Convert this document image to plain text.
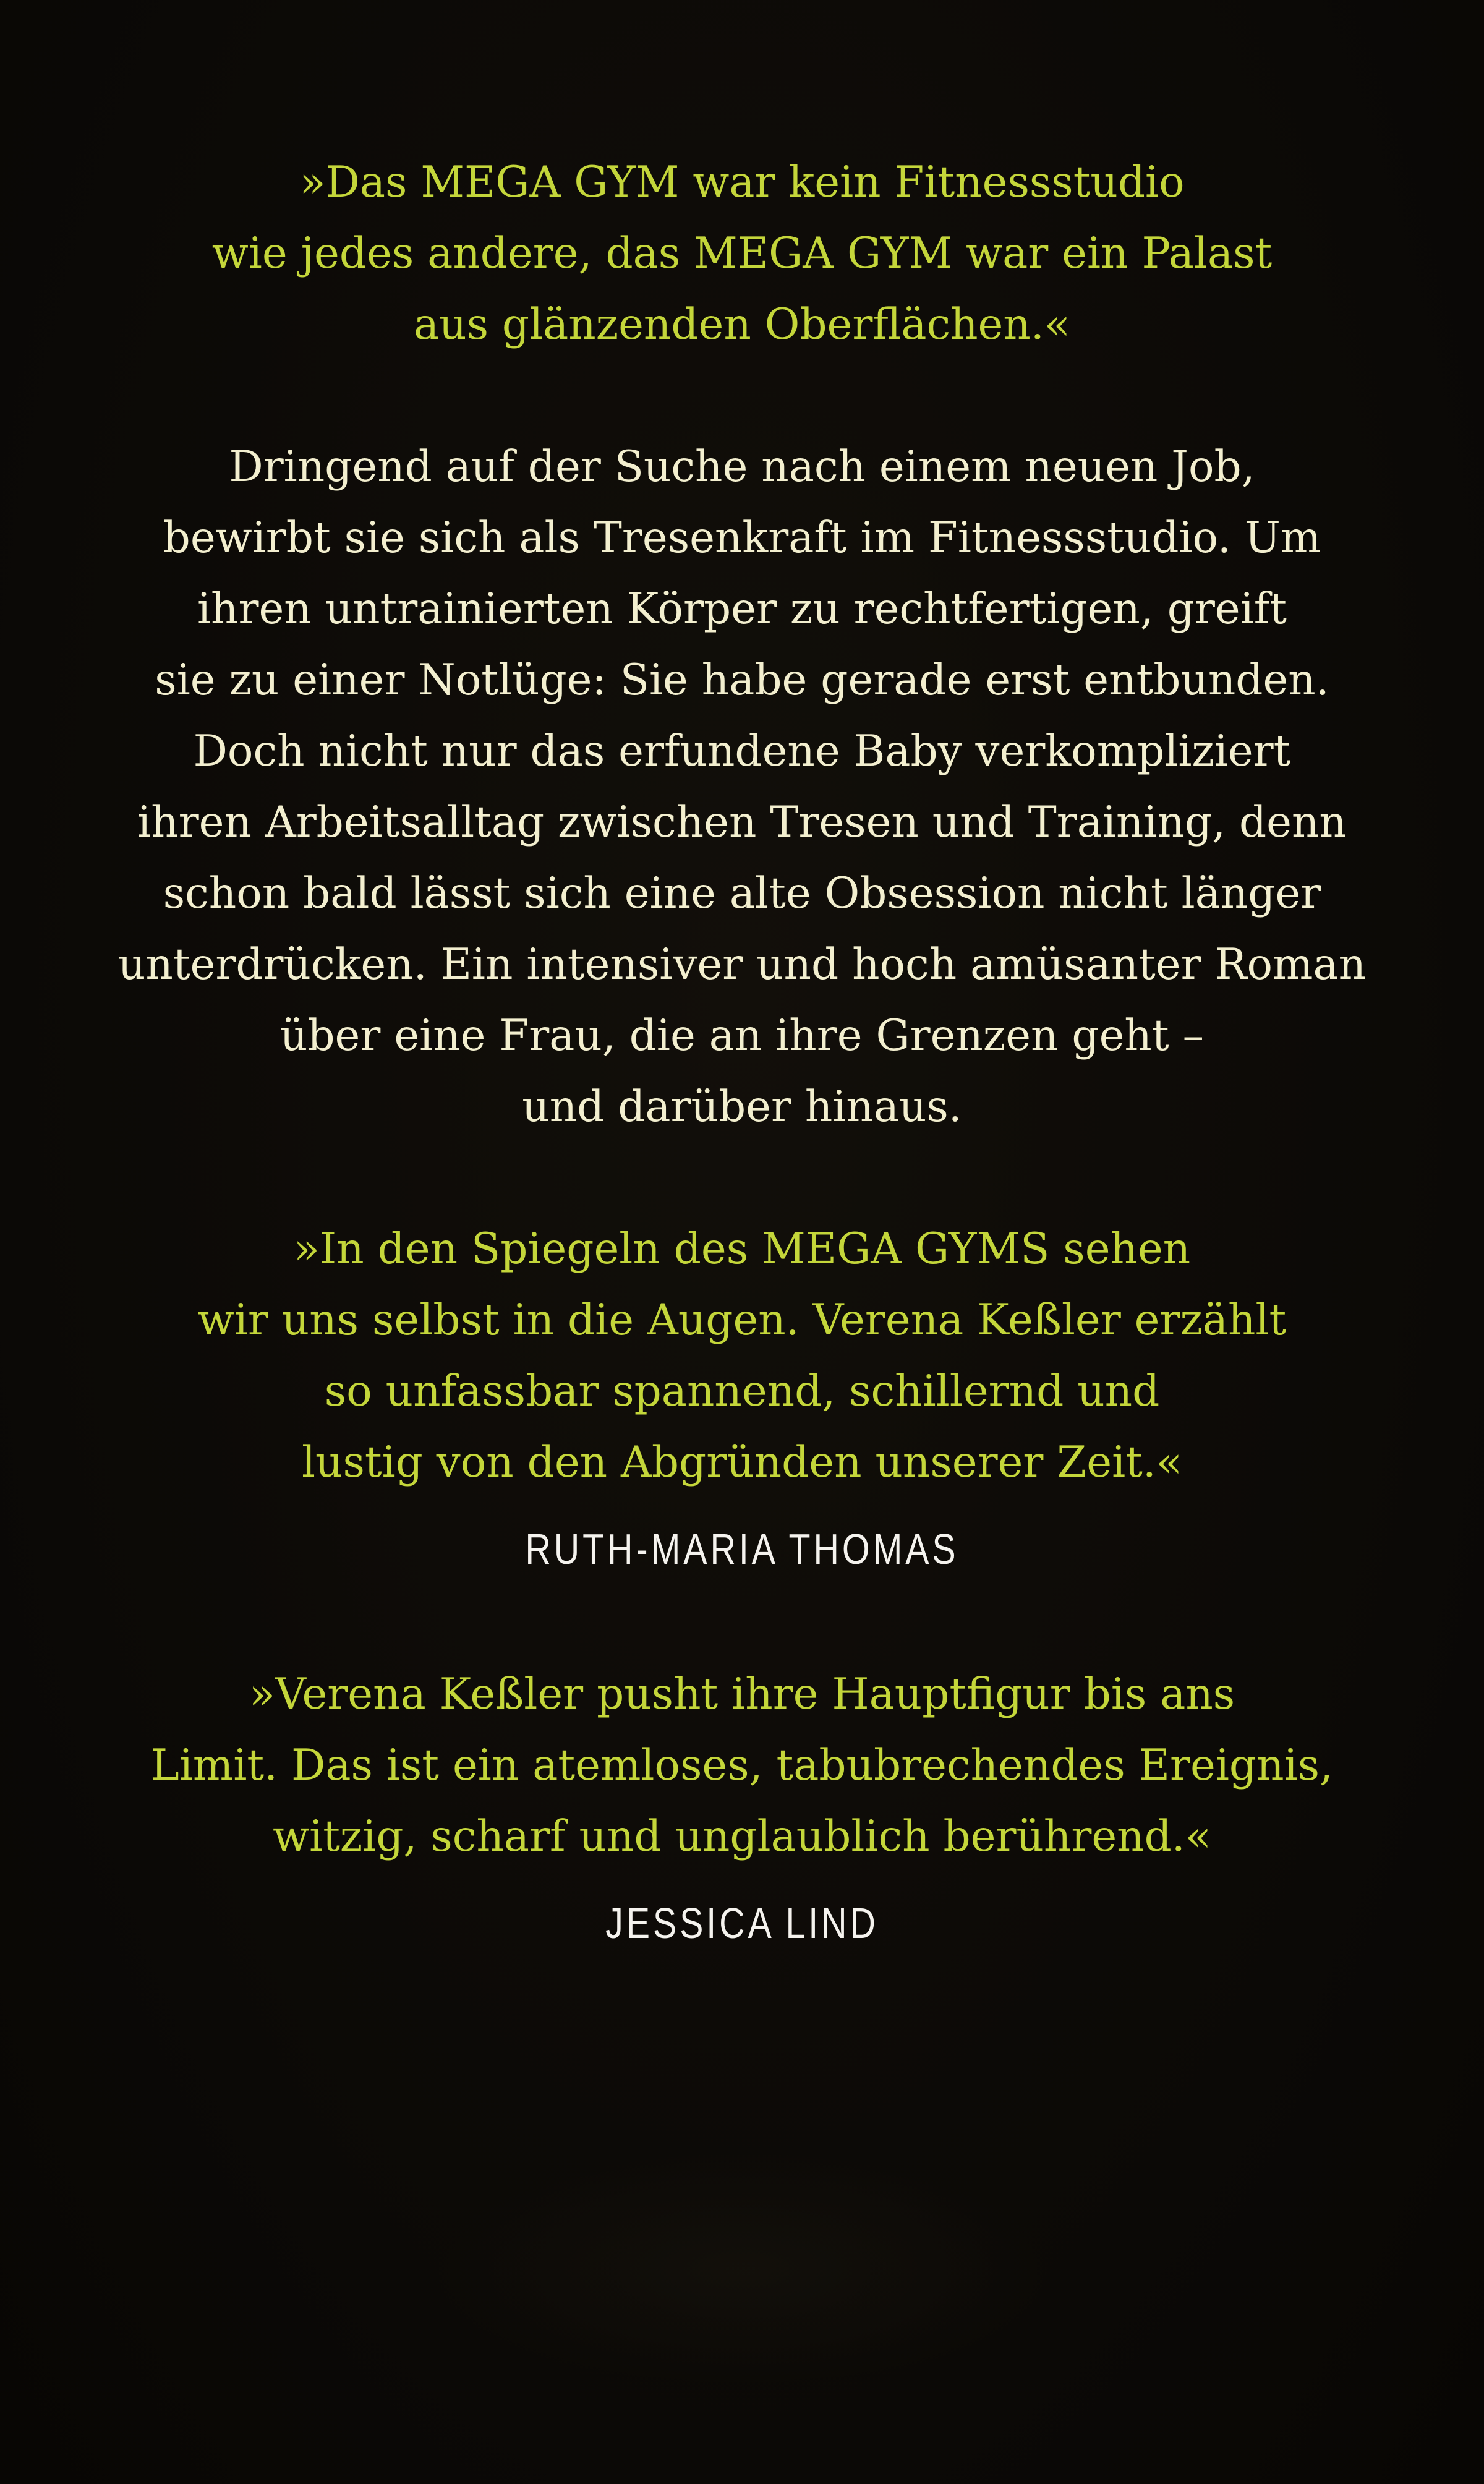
»Das MEGA GYM war kein Fitnessstudio
wie jedes andere, das MEGA GYM war ein Palast
aus glänzenden Oberflächen.«
Dringend auf der Suche nach einem neuen Job,
bewirbt sie sich als Tresenkraft im Fitnessstudio. Um
ihren untrainierten Körper zu rechtfertigen, greift
sie zu einer Notlüge: Sie habe gerade erst entbunden.
Doch nicht nur das erfundene Baby verkompliziert
ihren Arbeitsalltag zwischen Tresen und Training, denn
schon bald lässt sich eine alte Obsession nicht länger
unterdrücken. Ein intensiver und hoch amüsanter Roman
über eine Frau, die an ihre Grenzen geht –
und darüber hinaus.
»In den Spiegeln des MEGA GYMS sehen
wir uns selbst in die Augen. Verena Keßler erzählt
so unfassbar spannend, schillernd und
lustig von den Abgründen unserer Zeit.«
RUTH-MARIA THOMAS
»Verena Keßler pusht ihre Hauptfigur bis ans
Limit. Das ist ein atemloses, tabubrechendes Ereignis,
witzig, scharf und unglaublich berührend.«
JESSICA LIND
